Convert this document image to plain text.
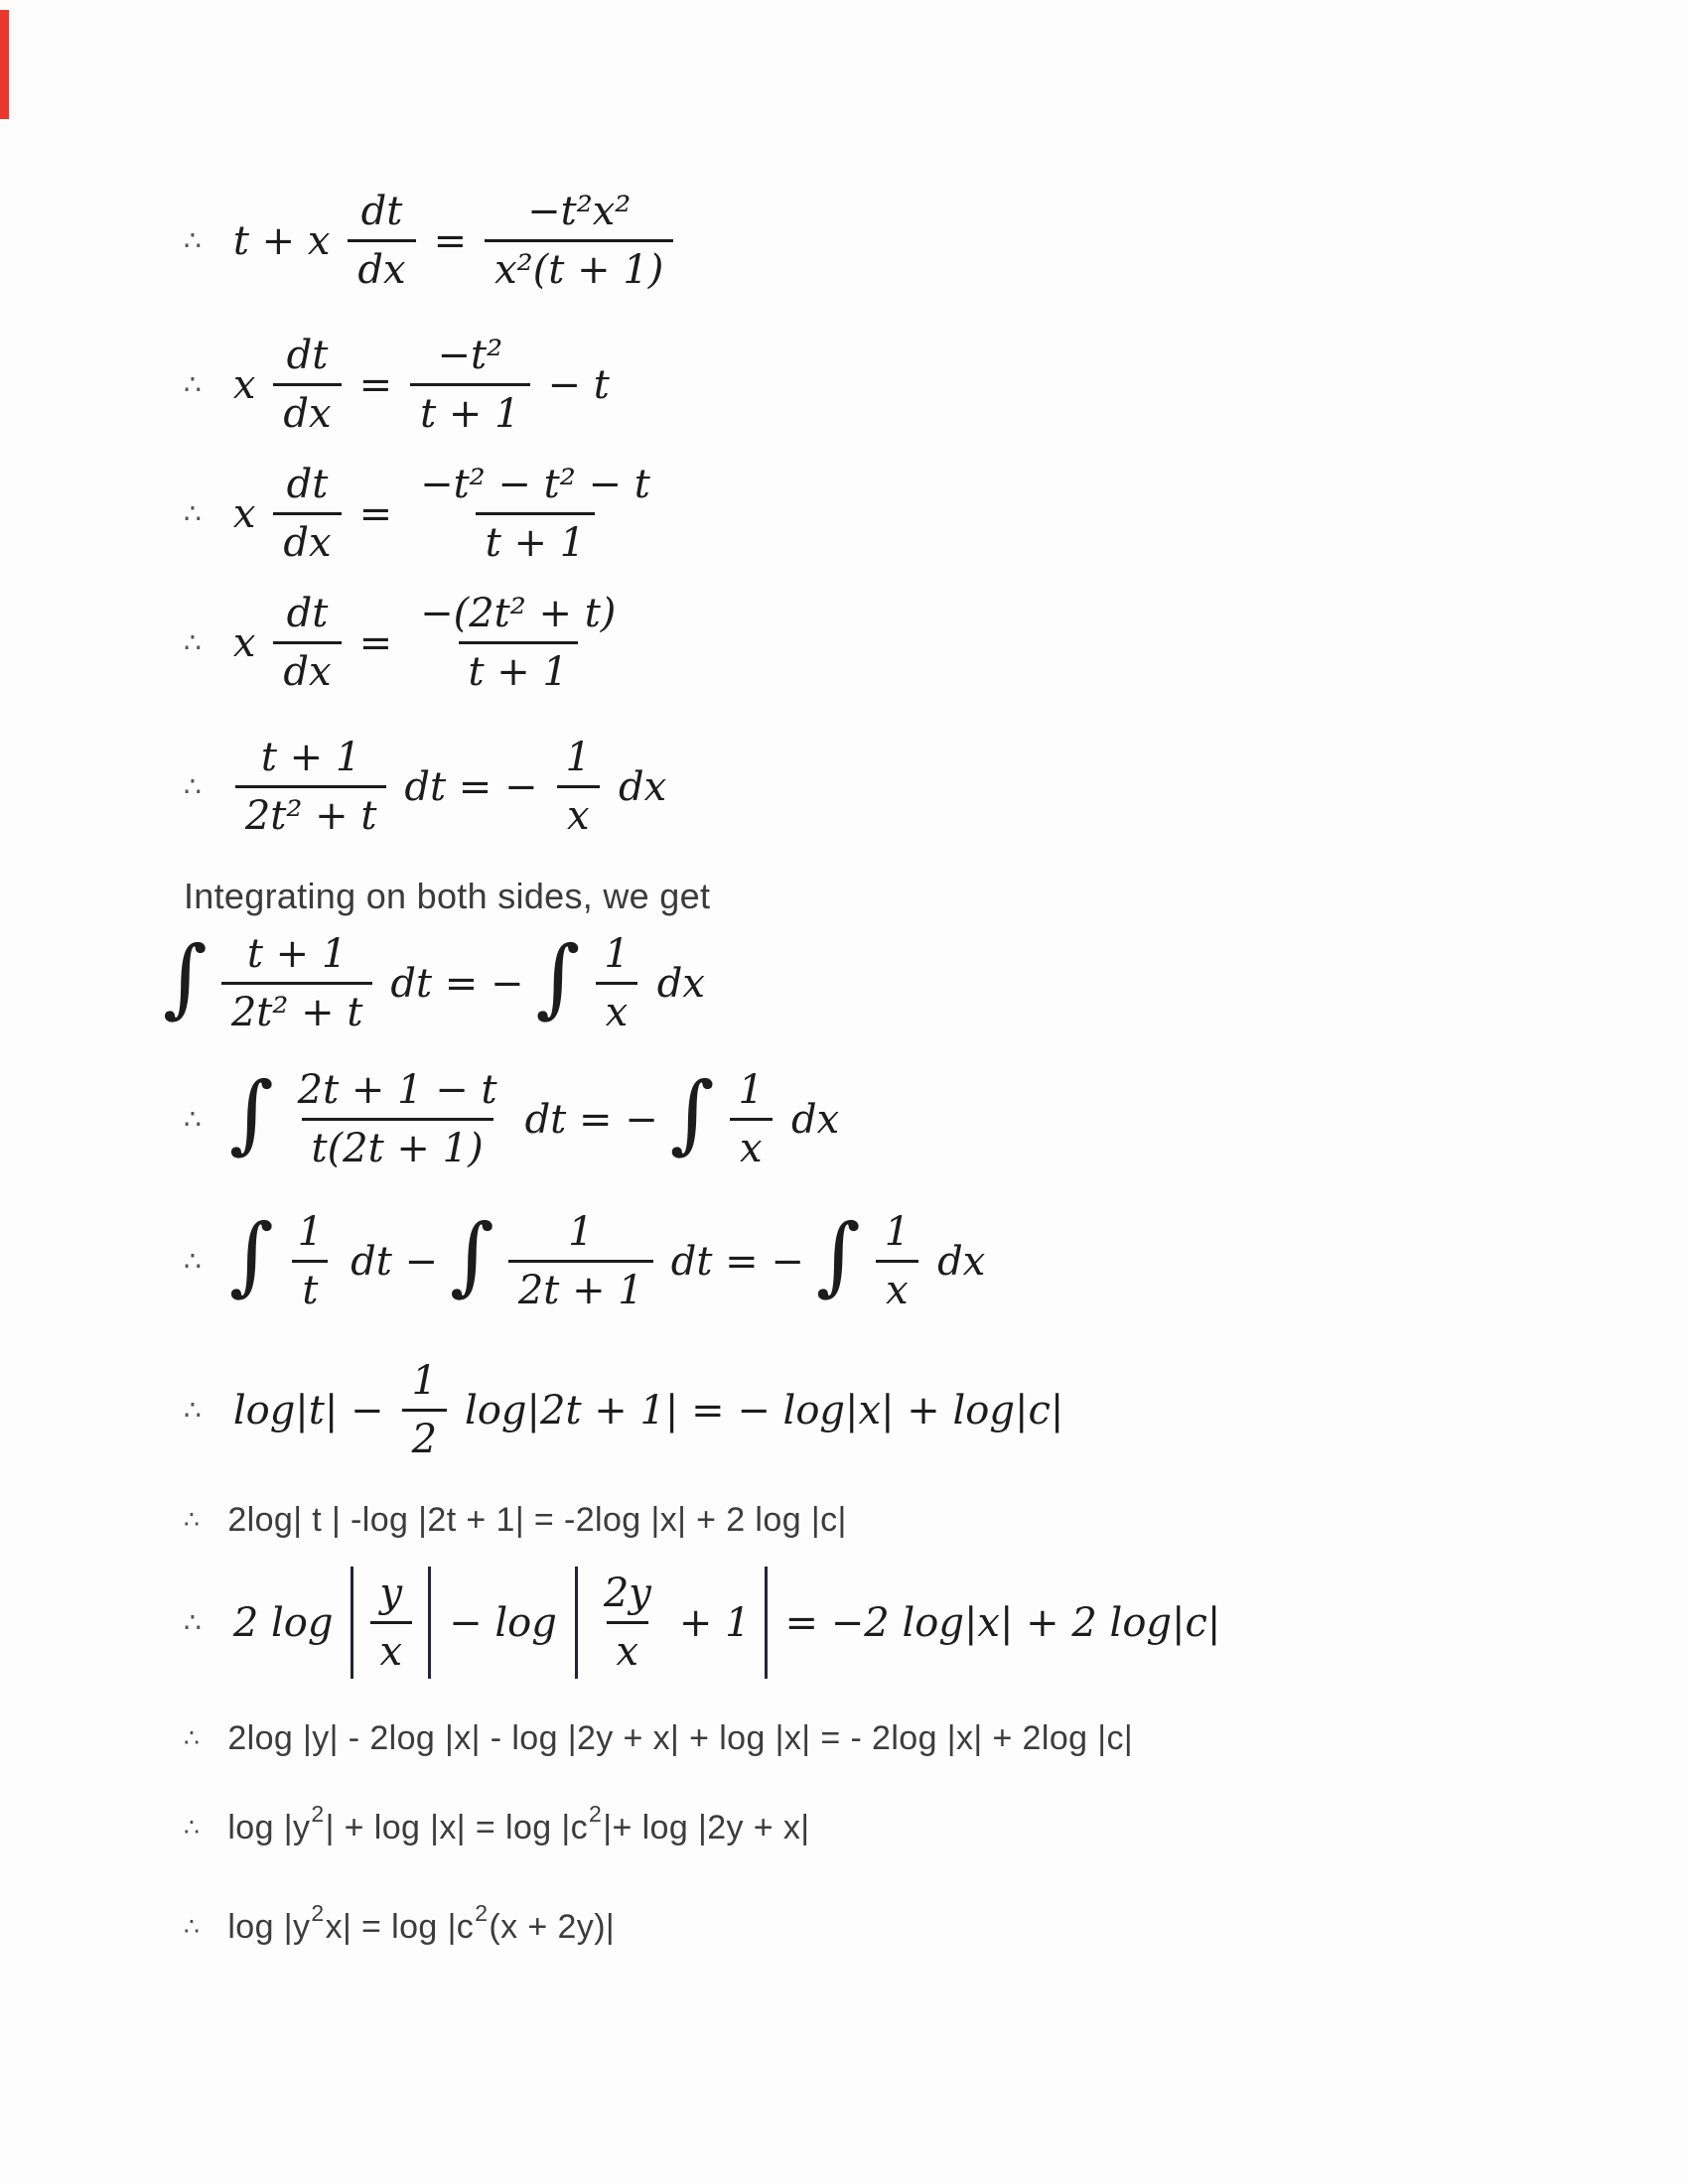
∴ t + x $\frac{dt}{dx} = \frac{\text{−t²x²}}{\text{x²(t + 1)}}$
∴ x $\frac{dt}{dx} = \frac{\text{−t²}}{t + 1} - t$
∴ x $\frac{dt}{dx} = \frac{\text{−t² − t² − t}}{t + 1}$
∴ x $\frac{dt}{dx} = \frac{\text{−(2t² + t)}}{t + 1}$
∴ $\frac{t + 1}{\text{2t² + t}}$ dt = − $\frac{1}{x}$ dx
Integrating on both sides, we get
∫ $\frac{t + 1}{\text{2t² + t}}$ dt = − ∫ $\frac{1}{x}$ dx
∴ ∫ $\frac{2t + 1 - t}{t(2t + 1)}$ dt = − ∫ $\frac{1}{x}$ dx
∴ ∫ $\frac{1}{t}$ dt − ∫ $\frac{1}{2t + 1}$ dt = − ∫ $\frac{1}{x}$ dx
∴ $\log|t| - \frac{1}{2} \log|2t + 1|$ = − log|x| + log|c|
∴ 2log| t | -log |2t + 1| = -2log |x| + 2 log |c|
∴ 2 $\log \frac{y}{x} - \log \frac{2y}{x} + 1 = -2$ log|x| + 2 log|c|
∴ 2log |y| - 2log |x| - log |2y + x| + log |x| = - 2log |x| + 2log |c|
∴ $\log |y^2$ | + $\log |x| = \log |c^2$ |+ log |2y + x|
∴ $\log |y^2$ $x| = \log |c^2$ (x + 2y)|
